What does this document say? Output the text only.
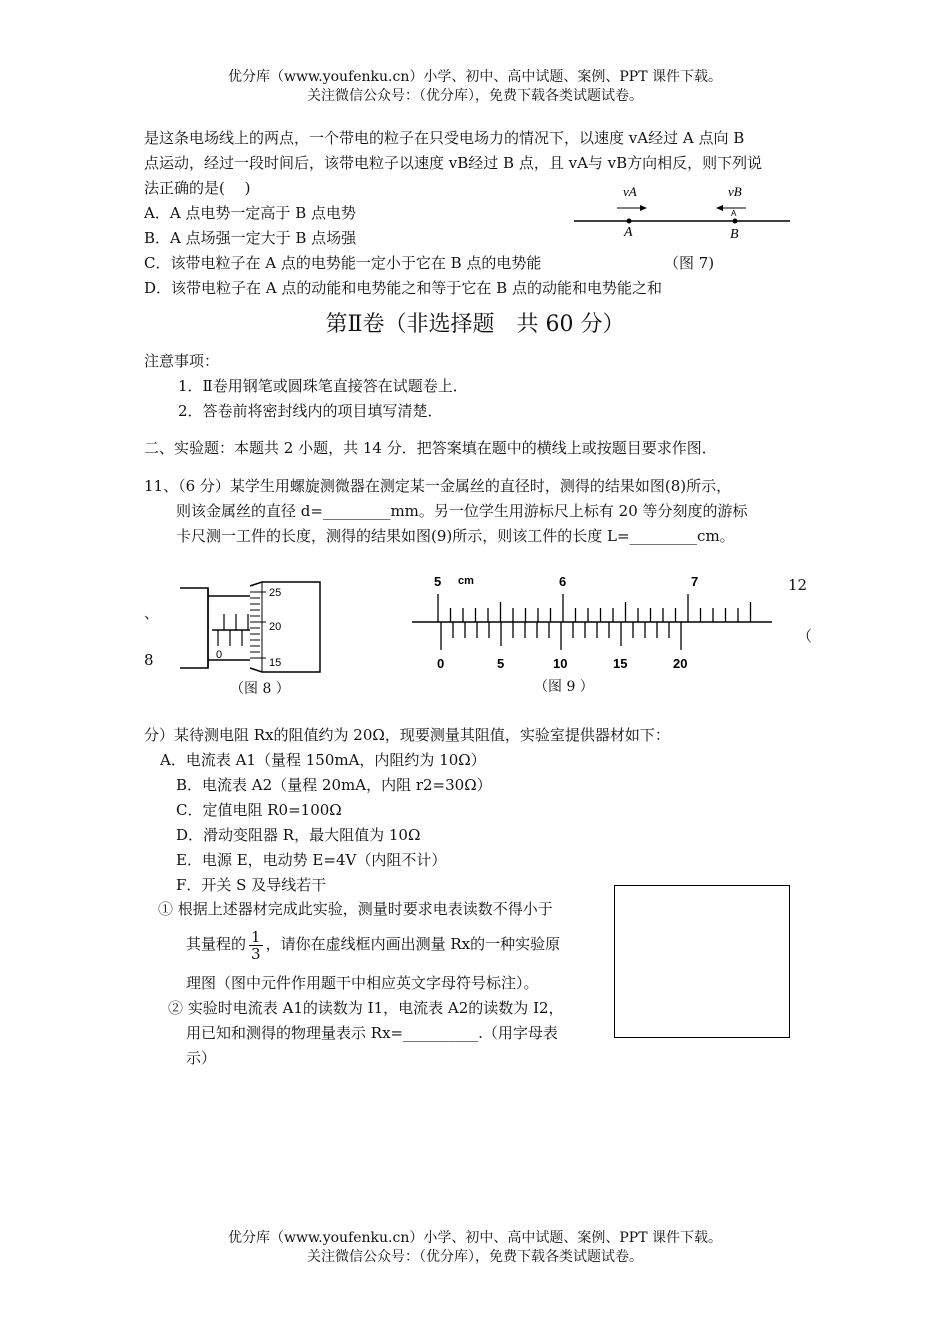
优分库（www.youfenku.cn）小学、初中、高中试题、案例、PPT 课件下载。
关注微信公众号：（优分库），免费下载各类试题试卷。
是这条电场线上的两点，一个带电的粒子在只受电场力的情况下，以速度 vA经过 A 点向 B
点运动，经过一段时间后，该带电粒子以速度 vB经过 B 点，且 vA与 vB方向相反，则下列说
法正确的是(　 )
A．A 点电势一定高于 B 点电势
B．A 点场强一定大于 B 点场强
C．该带电粒子在 A 点的电势能一定小于它在 B 点的电势能
D．该带电粒子在 A 点的动能和电势能之和等于它在 B 点的动能和电势能之和
vA	vB
A
A	B
（图 7)
第Ⅱ卷（非选择题　共 60 分）
注意事项：
1．Ⅱ卷用钢笔或圆珠笔直接答在试题卷上．
2．答卷前将密封线内的项目填写清楚．
二、实验题：本题共 2 小题，共 14 分．把答案填在题中的横线上或按题目要求作图．
11、（6 分）某学生用螺旋测微器在测定某一金属丝的直径时，测得的结果如图(8)所示，
则该金属丝的直径 d=_________mm。另一位学生用游标尺上标有 20 等分刻度的游标
卡尺测一工件的长度，测得的结果如图(9)所示，则该工件的长度 L=_________cm。
、
8
12
（
25
20
15
0
（图 8 ）
5 cm	6	7
0	5	10	15	20
（图 9 ）
分）某待测电阻 Rx的阻值约为 20Ω，现要测量其阻值，实验室提供器材如下：
A．电流表 A1（量程 150mA，内阻约为 10Ω）
B．电流表 A2（量程 20mA，内阻 r2=30Ω）
C．定值电阻 R0=100Ω
D．滑动变阻器 R，最大阻值为 10Ω
E．电源 E，电动势 E=4V（内阻不计）
F．开关 S 及导线若干
① 根据上述器材完成此实验，测量时要求电表读数不得小于
其量程的 $\frac{1}{3}$ ，请你在虚线框内画出测量 Rx的一种实验原
理图（图中元件作用题干中相应英文字母符号标注）。
② 实验时电流表 A1的读数为 I1，电流表 A2的读数为 I2，
用已知和测得的物理量表示 Rx=__________.（用字母表
示）
优分库（www.youfenku.cn）小学、初中、高中试题、案例、PPT 课件下载。
关注微信公众号：（优分库），免费下载各类试题试卷。
